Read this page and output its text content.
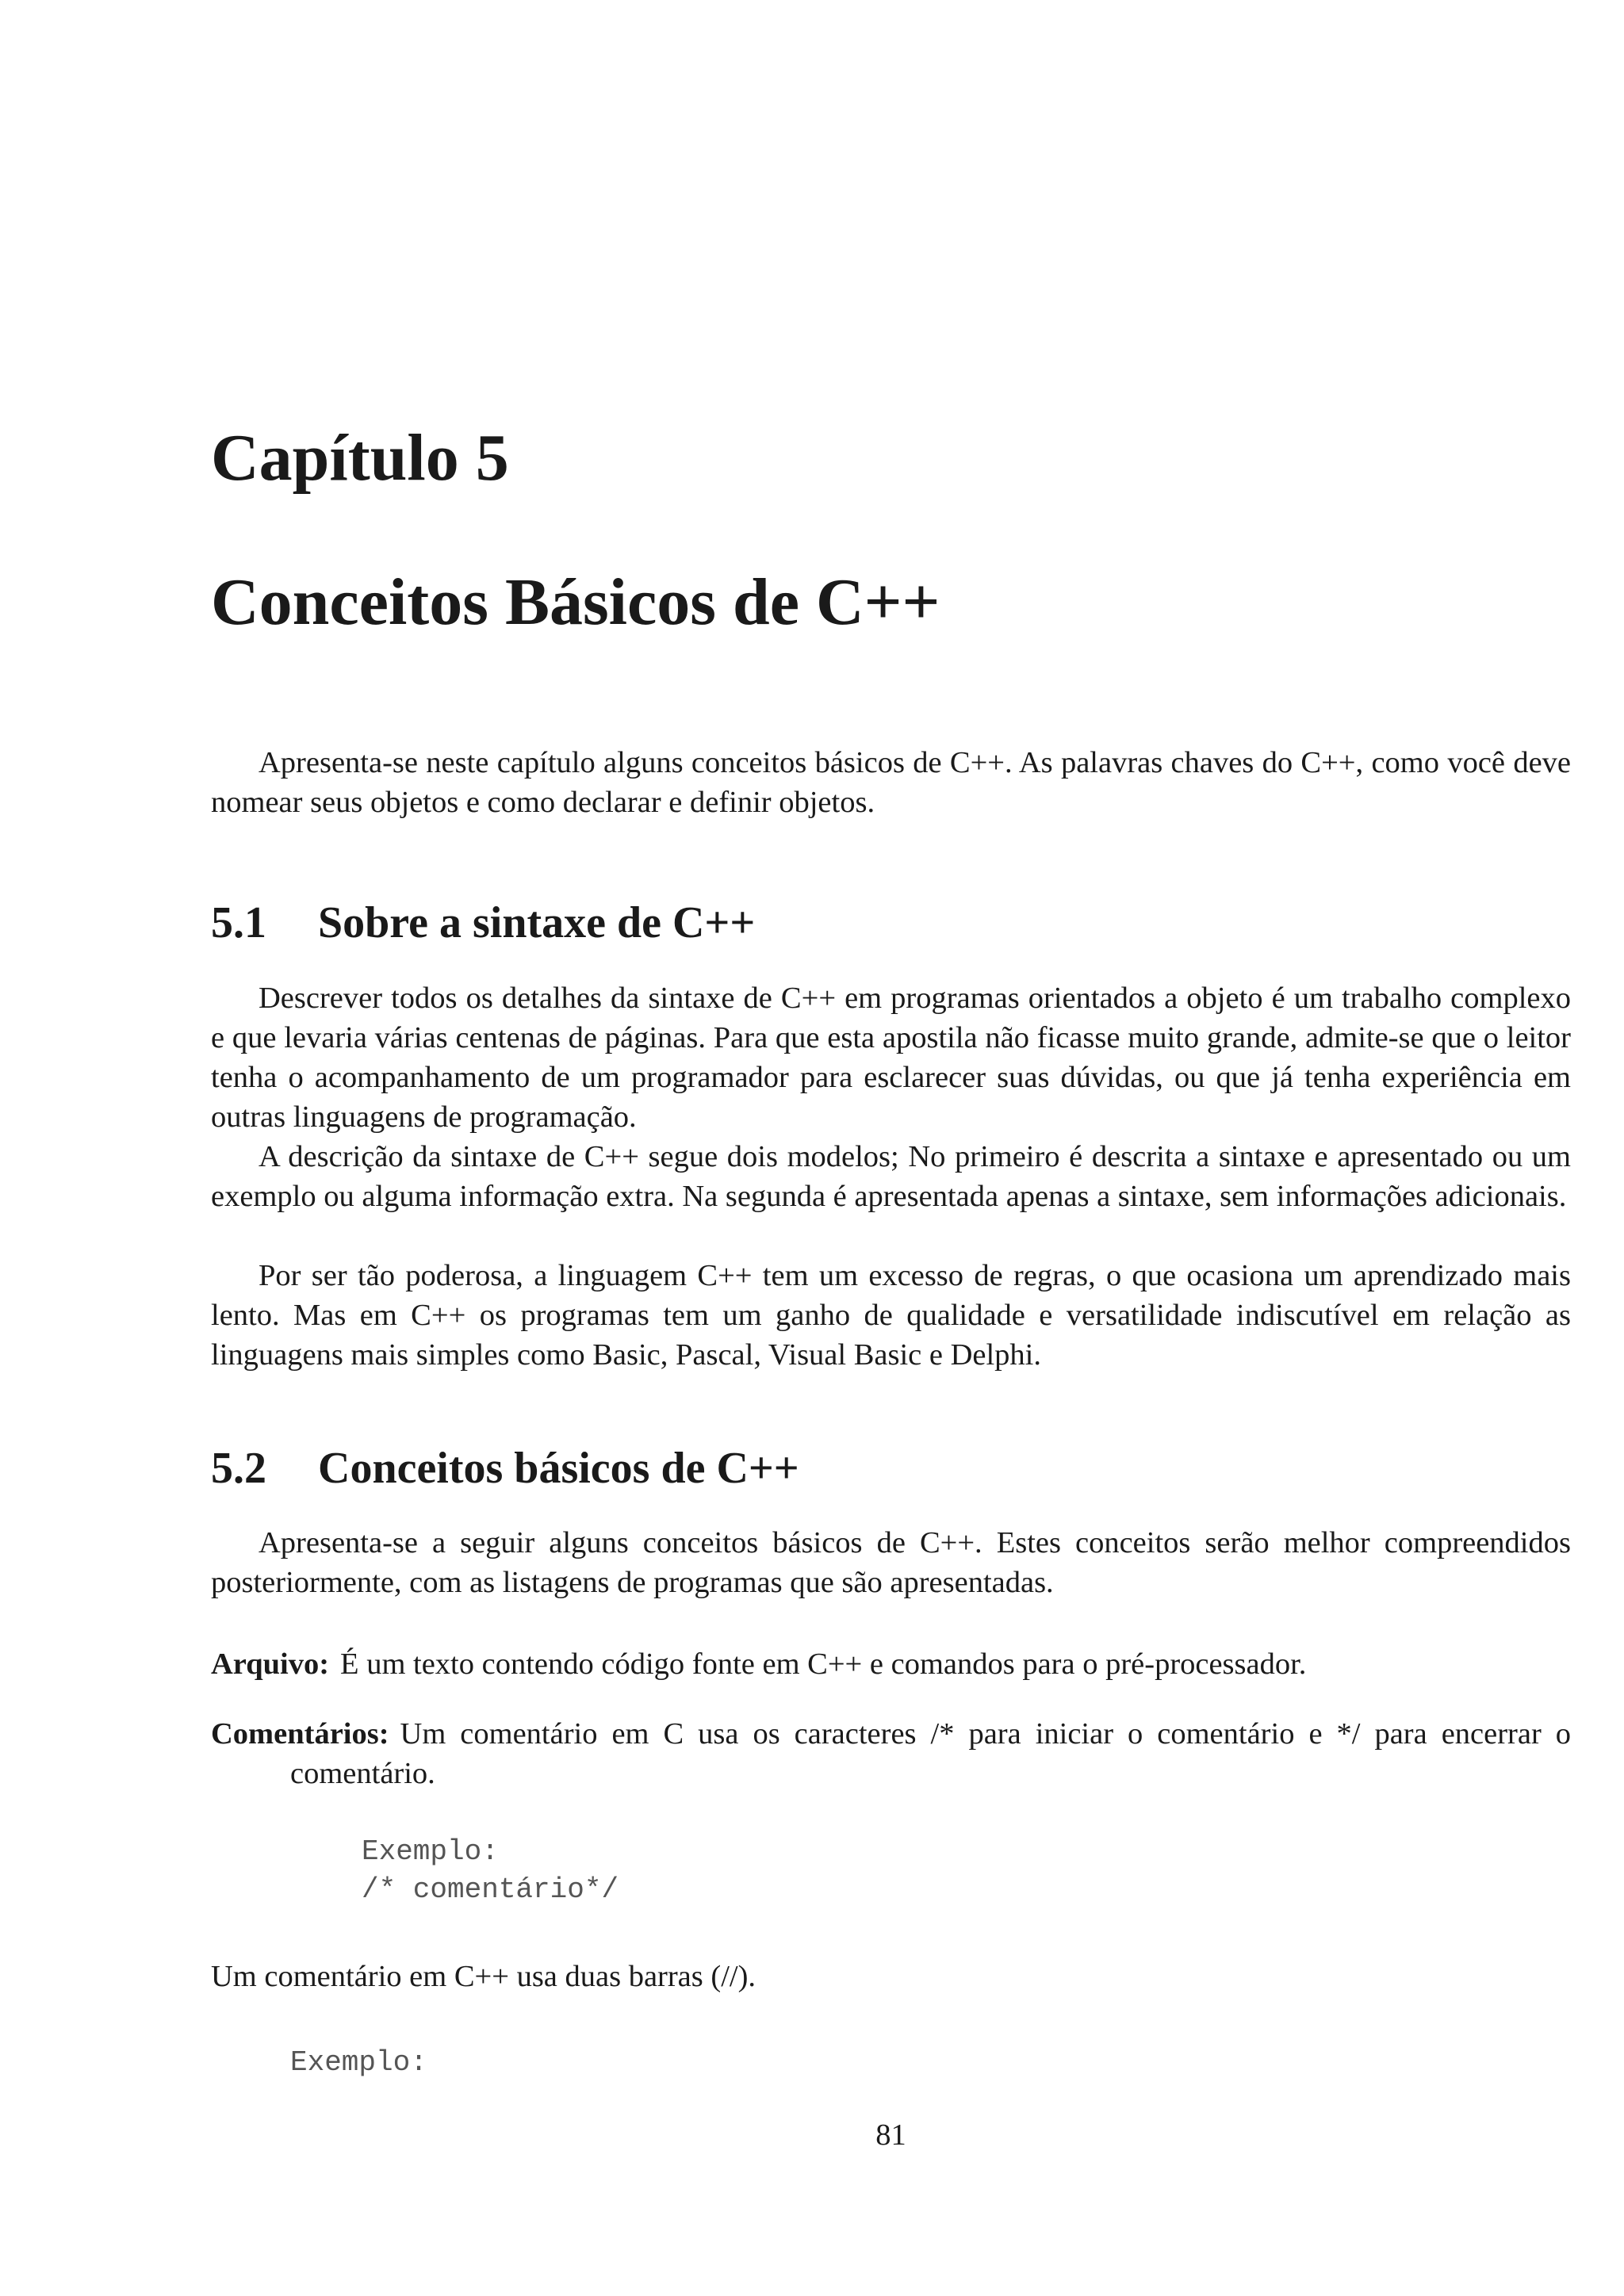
Capítulo 5
Conceitos Básicos de C++

Apresenta-se neste capítulo alguns conceitos básicos de C++. As palavras chaves do C++, como você deve nomear seus objetos e como declarar e definir objetos.

5.1 Sobre a sintaxe de C++

Descrever todos os detalhes da sintaxe de C++ em programas orientados a objeto é um trabalho complexo e que levaria várias centenas de páginas. Para que esta apostila não ficasse muito grande, admite-se que o leitor tenha o acompanhamento de um programador para esclarecer suas dúvidas, ou que já tenha experiência em outras linguagens de programação.

A descrição da sintaxe de C++ segue dois modelos; No primeiro é descrita a sintaxe e apresentado ou um exemplo ou alguma informação extra. Na segunda é apresentada apenas a sintaxe, sem informações adicionais.

Por ser tão poderosa, a linguagem C++ tem um excesso de regras, o que ocasiona um aprendizado mais lento. Mas em C++ os programas tem um ganho de qualidade e versatilidade indiscutível em relação as linguagens mais simples como Basic, Pascal, Visual Basic e Delphi.

5.2 Conceitos básicos de C++

Apresenta-se a seguir alguns conceitos básicos de C++. Estes conceitos serão melhor compreendidos posteriormente, com as listagens de programas que são apresentadas.

Arquivo: É um texto contendo código fonte em C++ e comandos para o pré-processador.

Comentários: Um comentário em C usa os caracteres /* para iniciar o comentário e */ para encerrar o comentário.

Exemplo:
/* comentário*/

Um comentário em C++ usa duas barras (//).

Exemplo:
81
